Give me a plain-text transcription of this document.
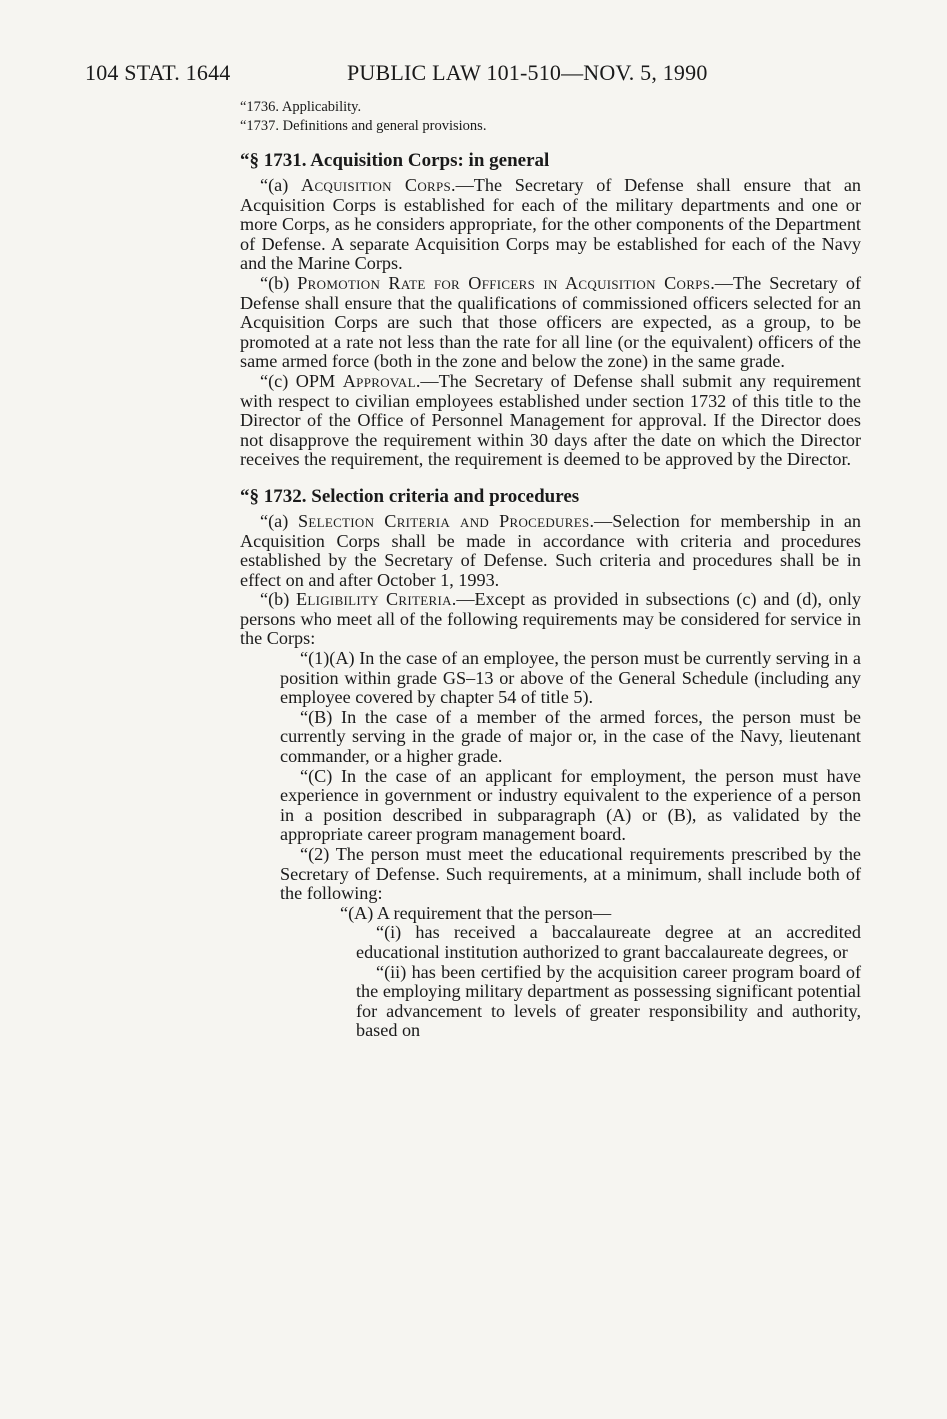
104 STAT. 1644	PUBLIC LAW 101-510—NOV. 5, 1990

“1736. Applicability.

“1737. Definitions and general provisions.

“§ 1731. Acquisition Corps: in general

“(a) Acquisition Corps.—The Secretary of Defense shall ensure that an Acquisition Corps is established for each of the military departments and one or more Corps, as he considers appropriate, for the other components of the Department of Defense. A separate Acquisition Corps may be established for each of the Navy and the Marine Corps.

“(b) Promotion Rate for Officers in Acquisition Corps.—The Secretary of Defense shall ensure that the qualifications of commissioned officers selected for an Acquisition Corps are such that those officers are expected, as a group, to be promoted at a rate not less than the rate for all line (or the equivalent) officers of the same armed force (both in the zone and below the zone) in the same grade.

“(c) OPM Approval.—The Secretary of Defense shall submit any requirement with respect to civilian employees established under section 1732 of this title to the Director of the Office of Personnel Management for approval. If the Director does not disapprove the requirement within 30 days after the date on which the Director receives the requirement, the requirement is deemed to be approved by the Director.

“§ 1732. Selection criteria and procedures

“(a) Selection Criteria and Procedures.—Selection for membership in an Acquisition Corps shall be made in accordance with criteria and procedures established by the Secretary of Defense. Such criteria and procedures shall be in effect on and after October 1, 1993.

“(b) Eligibility Criteria.—Except as provided in subsections (c) and (d), only persons who meet all of the following requirements may be considered for service in the Corps:

“(1)(A) In the case of an employee, the person must be currently serving in a position within grade GS–13 or above of the General Schedule (including any employee covered by chapter 54 of title 5).

“(B) In the case of a member of the armed forces, the person must be currently serving in the grade of major or, in the case of the Navy, lieutenant commander, or a higher grade.

“(C) In the case of an applicant for employment, the person must have experience in government or industry equivalent to the experience of a person in a position described in subparagraph (A) or (B), as validated by the appropriate career program management board.

“(2) The person must meet the educational requirements prescribed by the Secretary of Defense. Such requirements, at a minimum, shall include both of the following:

“(A) A requirement that the person—

“(i) has received a baccalaureate degree at an accredited educational institution authorized to grant baccalaureate degrees, or

“(ii) has been certified by the acquisition career program board of the employing military department as possessing significant potential for advancement to levels of greater responsibility and authority, based on
